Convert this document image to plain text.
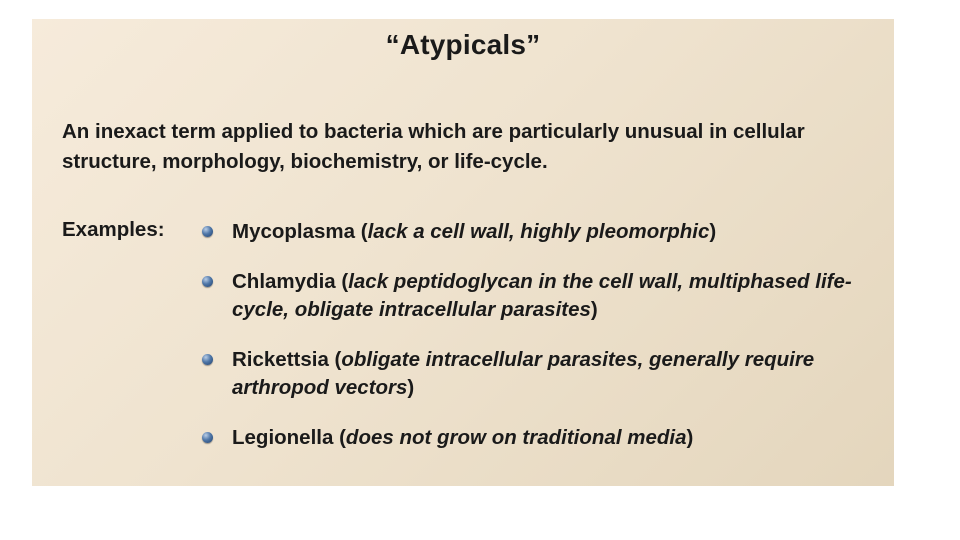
“Atypicals”
An inexact term applied to bacteria which are particularly unusual in cellular structure, morphology, biochemistry, or life-cycle.
Examples:	Mycoplasma (lack a cell wall, highly pleomorphic)
Chlamydia (lack peptidoglycan in the cell wall, multiphased life-cycle, obligate intracellular parasites)
Rickettsia (obligate intracellular parasites, generally require arthropod vectors)
Legionella (does not grow on traditional media)
